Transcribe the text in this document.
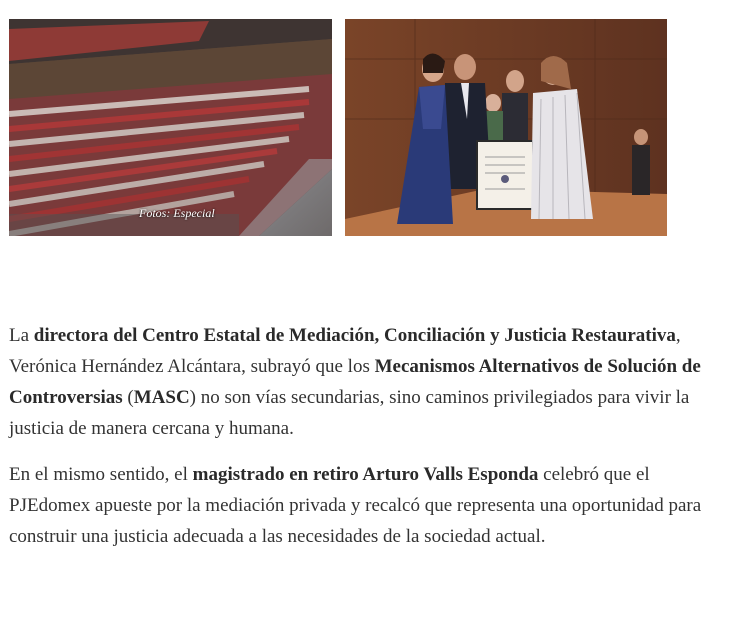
Fotos: Especial

La directora del Centro Estatal de Mediación, Conciliación y Justicia Restaurativa, Verónica Hernández Alcántara, subrayó que los Mecanismos Alternativos de Solución de Controversias (MASC) no son vías secundarias, sino caminos privilegiados para vivir la justicia de manera cercana y humana.

En el mismo sentido, el magistrado en retiro Arturo Valls Esponda celebró que el PJEdomex apueste por la mediación privada y recalcó que representa una oportunidad para construir una justicia adecuada a las necesidades de la sociedad actual.
